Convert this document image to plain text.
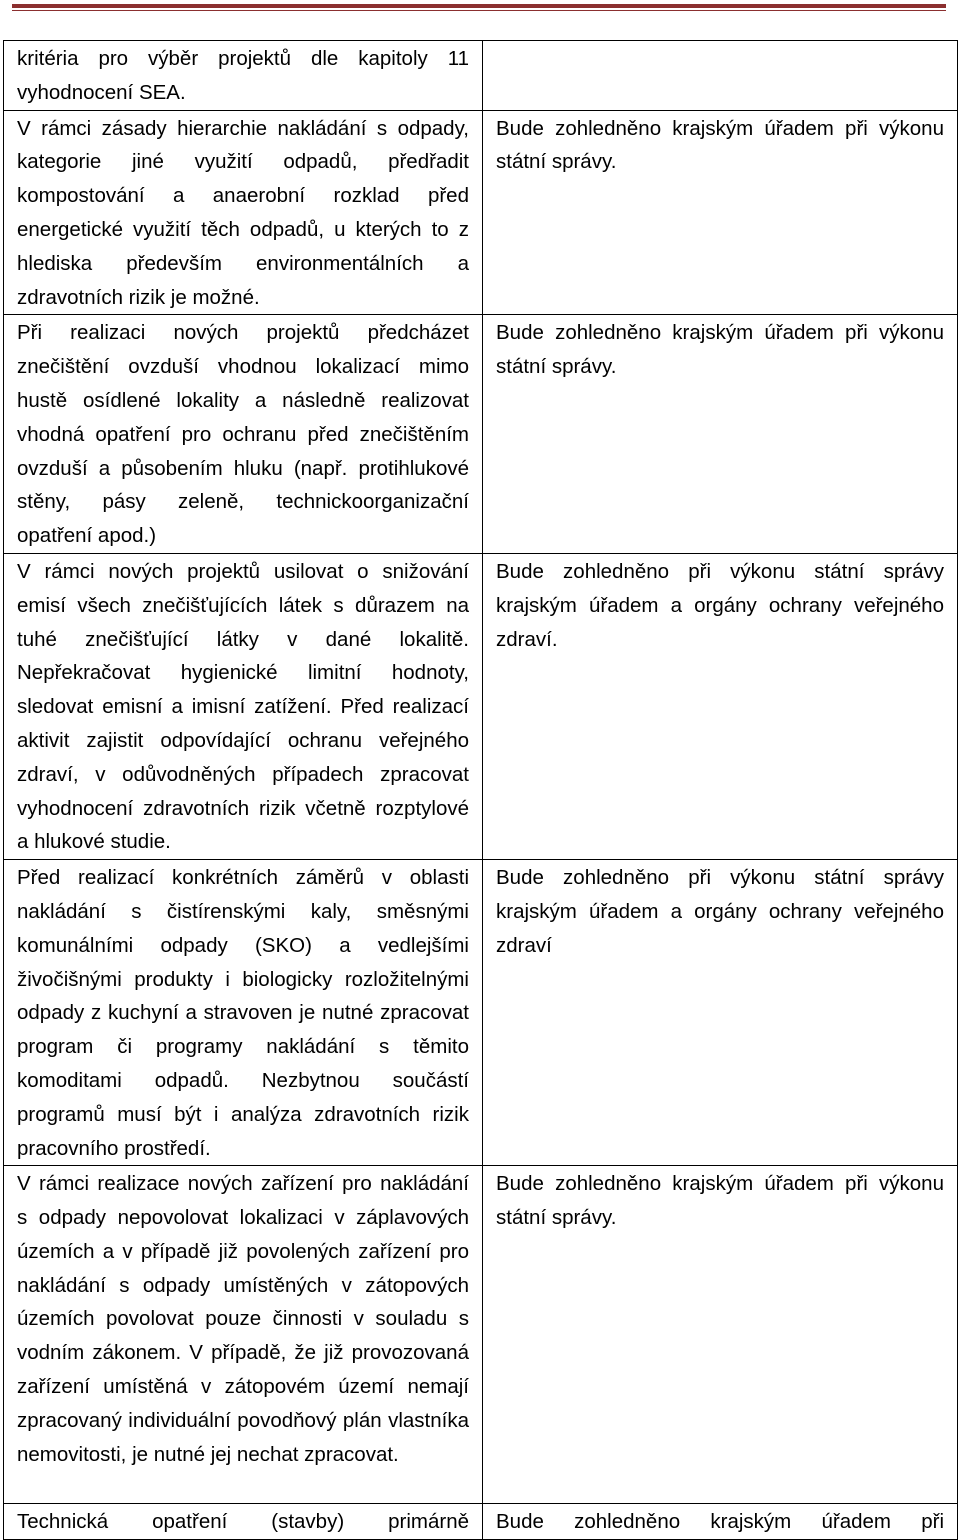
kritéria pro výběr projektů dle kapitoly 11 vyhodnocení SEA.	
V rámci zásady hierarchie nakládání s odpady, kategorie jiné využití odpadů, předřadit kompostování a anaerobní rozklad před energetické využití těch odpadů, u kterých to z hlediska především environmentálních a zdravotních rizik je možné.	Bude zohledněno krajským úřadem při výkonu státní správy.
Při realizaci nových projektů předcházet znečištění ovzduší vhodnou lokalizací mimo hustě osídlené lokality a následně realizovat vhodná opatření pro ochranu před znečištěním ovzduší a působením hluku (např. protihlukové stěny, pásy zeleně, technickoorganizační opatření apod.)	Bude zohledněno krajským úřadem při výkonu státní správy.
V rámci nových projektů usilovat o snižování emisí všech znečišťujících látek s důrazem na tuhé znečišťující látky v dané lokalitě. Nepřekračovat hygienické limitní hodnoty, sledovat emisní a imisní zatížení. Před realizací aktivit zajistit odpovídající ochranu veřejného zdraví, v odůvodněných případech zpracovat vyhodnocení zdravotních rizik včetně rozptylové a hlukové studie.	Bude zohledněno při výkonu státní správy krajským úřadem a orgány ochrany veřejného zdraví.
Před realizací konkrétních záměrů v oblasti nakládání s čistírenskými kaly, směsnými komunálními odpady (SKO) a vedlejšími živočišnými produkty i biologicky rozložitelnými odpady z kuchyní a stravoven je nutné zpracovat program či programy nakládání s těmito komoditami odpadů. Nezbytnou součástí programů musí být i analýza zdravotních rizik pracovního prostředí.	Bude zohledněno při výkonu státní správy krajským úřadem a orgány ochrany veřejného zdraví
V rámci realizace nových zařízení pro nakládání s odpady nepovolovat lokalizaci v záplavových územích a v případě již povolených zařízení pro nakládání s odpady umístěných v zátopových územích povolovat pouze činnosti v souladu s vodním zákonem. V případě, že již provozovaná zařízení umístěná v zátopovém území nemají zpracovaný individuální povodňový plán vlastníka nemovitosti, je nutné jej nechat zpracovat.	Bude zohledněno krajským úřadem při výkonu státní správy.
Technická opatření (stavby) primárně	Bude zohledněno krajským úřadem při
